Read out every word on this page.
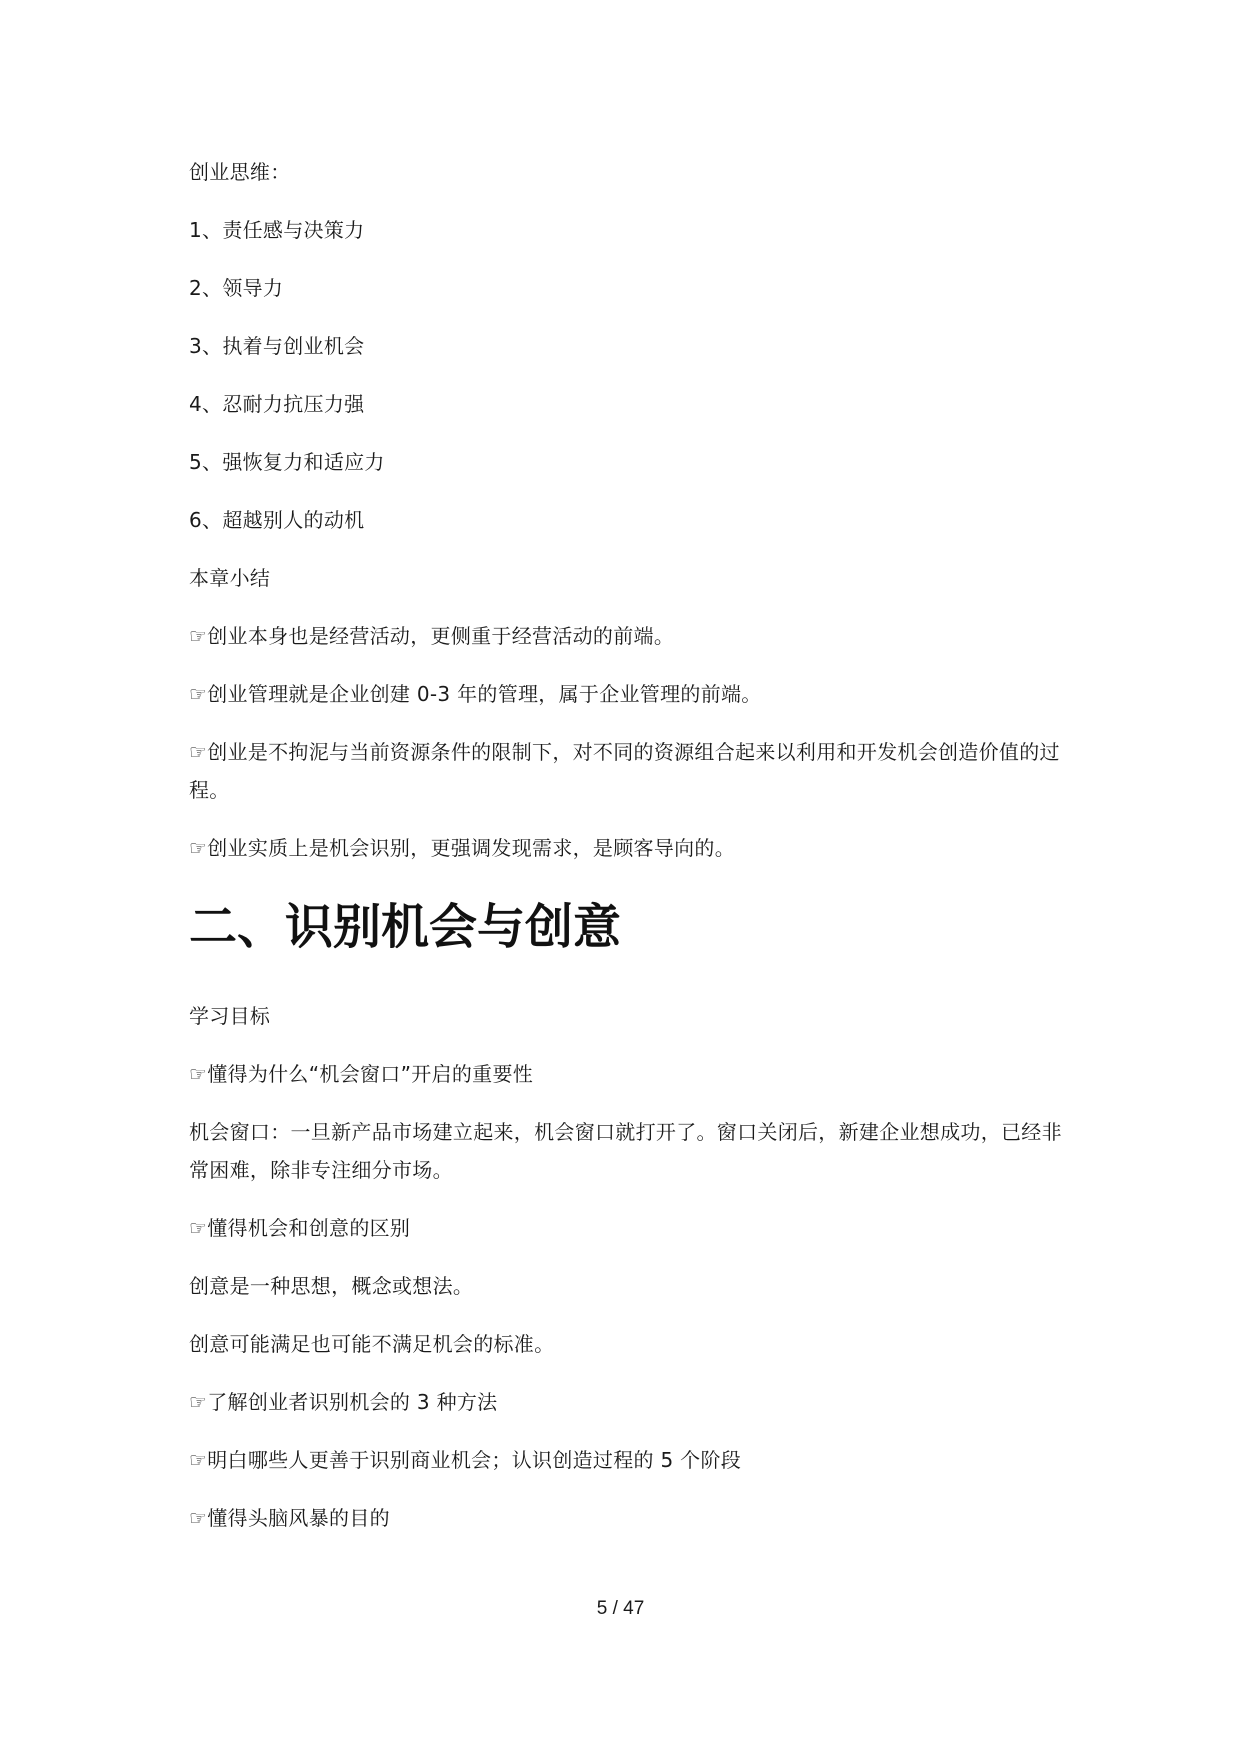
创业思维：

1、责任感与决策力

2、领导力

3、执着与创业机会

4、忍耐力抗压力强

5、强恢复力和适应力

6、超越别人的动机

本章小结

☞创业本身也是经营活动，更侧重于经营活动的前端。

☞创业管理就是企业创建 0-3 年的管理，属于企业管理的前端。

☞创业是不拘泥与当前资源条件的限制下，对不同的资源组合起来以利用和开发机会创造价值的过程。

☞创业实质上是机会识别，更强调发现需求，是顾客导向的。

二、识别机会与创意

学习目标

☞懂得为什么“机会窗口”开启的重要性

机会窗口：一旦新产品市场建立起来，机会窗口就打开了。窗口关闭后，新建企业想成功，已经非常困难，除非专注细分市场。

☞懂得机会和创意的区别

创意是一种思想，概念或想法。

创意可能满足也可能不满足机会的标准。

☞了解创业者识别机会的 3 种方法

☞明白哪些人更善于识别商业机会；认识创造过程的 5 个阶段

☞懂得头脑风暴的目的

5 / 47
